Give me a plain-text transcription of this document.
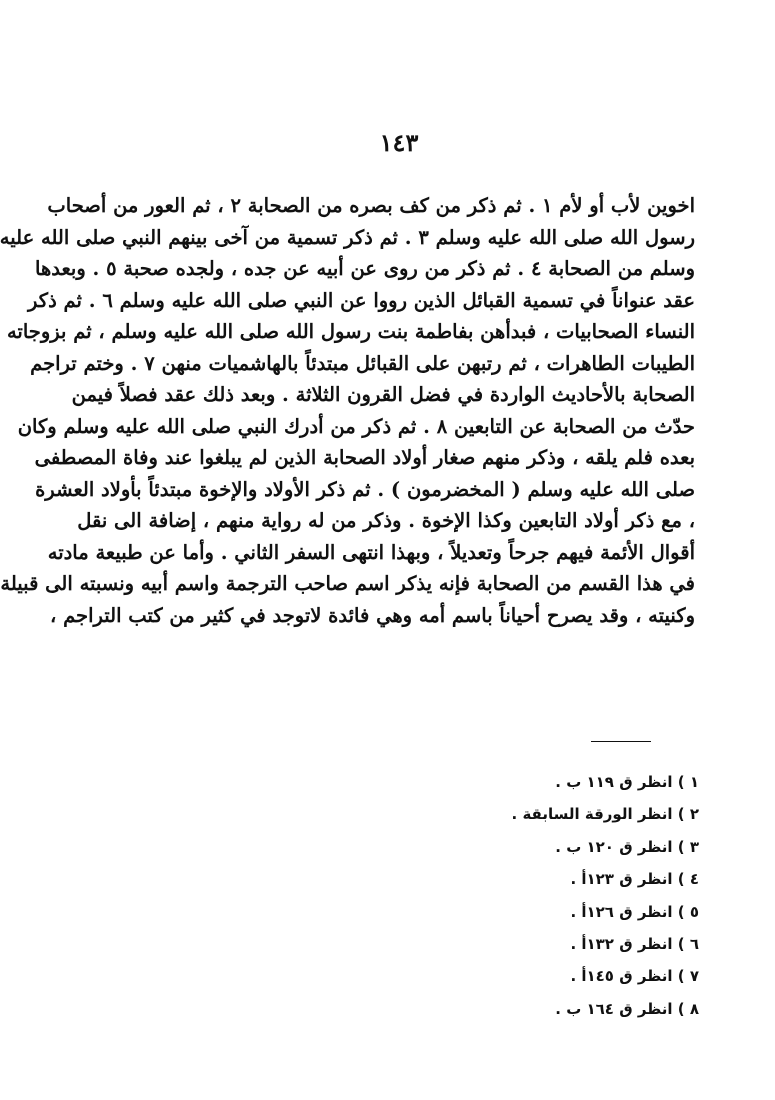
١٤٣
اخوين لأب أو لأم ١ . ثم ذكر من كف بصره من الصحابة ٢ ، ثم العور من أصحاب
رسول الله صلى الله عليه وسلم ٣ . ثم ذكر تسمية من آخى بينهم النبي صلى الله عليه
وسلم من الصحابة ٤ . ثم ذكر من روى عن أبيه عن جده ، ولجده صحبة ٥ . وبعدها
عقد عنواناً في تسمية القبائل الذين رووا عن النبي صلى الله عليه وسلم ٦ . ثم ذكر
النساء الصحابيات ، فبدأهن بفاطمة بنت رسول الله صلى الله عليه وسلم ، ثم بزوجاته
الطيبات الطاهرات ، ثم رتبهن على القبائل مبتدئاً بالهاشميات منهن ٧ . وختم تراجم
الصحابة بالأحاديث الواردة في فضل القرون الثلاثة . وبعد ذلك عقد فصلاً فيمن
حدّث من الصحابة عن التابعين ٨ . ثم ذكر من أدرك النبي صلى الله عليه وسلم وكان
بعده فلم يلقه ، وذكر منهم صغار أولاد الصحابة الذين لم يبلغوا عند وفاة المصطفى
صلى الله عليه وسلم ( المخضرمون ) . ثم ذكر الأولاد والإخوة مبتدئاً بأولاد العشرة
، مع ذكر أولاد التابعين وكذا الإخوة . وذكر من له رواية منهم ، إضافة الى نقل
أقوال الأئمة فيهم جرحاً وتعديلاً ، وبهذا انتهى السفر الثاني . وأما عن طبيعة مادته
في هذا القسم من الصحابة فإنه يذكر اسم صاحب الترجمة واسم أبيه ونسبته الى قبيلة
وكنيته ، وقد يصرح أحياناً باسم أمه وهي فائدة لاتوجد في كثير من كتب التراجم ،
١ ) انظر ق ١١٩ ب .
٢ ) انظر الورقة السابقة .
٣ ) انظر ق ١٢٠ ب .
٤ ) انظر ق ١٢٣أ .
٥ ) انظر ق ١٢٦أ .
٦ ) انظر ق ١٣٢أ .
٧ ) انظر ق ١٤٥أ .
٨ ) انظر ق ١٦٤ ب .
